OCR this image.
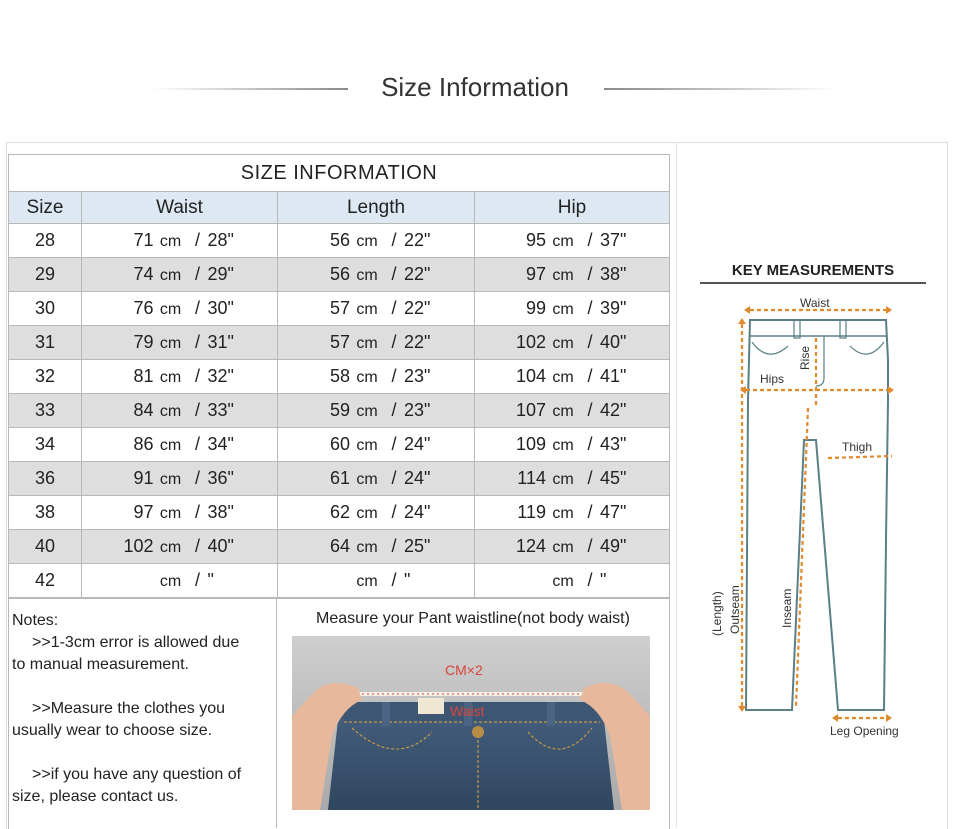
Size Information
SIZE INFORMATION			
Size	Waist	Length	Hip
28	71 cm / 28"	56 cm / 22"	95 cm / 37"
29	74 cm / 29"	56 cm / 22"	97 cm / 38"
30	76 cm / 30"	57 cm / 22"	99 cm / 39"
31	79 cm / 31"	57 cm / 22"	102 cm / 40"
32	81 cm / 32"	58 cm / 23"	104 cm / 41"
33	84 cm / 33"	59 cm / 23"	107 cm / 42"
34	86 cm / 34"	60 cm / 24"	109 cm / 43"
36	91 cm / 36"	61 cm / 24"	114 cm / 45"
38	97 cm / 38"	62 cm / 24"	119 cm / 47"
40	102 cm / 40"	64 cm / 25"	124 cm / 49"
42	cm / "	cm / "	cm / "

Notes:

>>1-3cm error is allowed due

to manual measurement.

>>Measure the clothes you

usually wear to choose size.

>>if you have any question of

size, please contact us.

Measure your Pant waistline(not body waist)
Waist
CM×2
KEY MEASUREMENTS
Waist
Rise
Hips
Thigh
(Length) Outseam	Inseam
Leg Opening
